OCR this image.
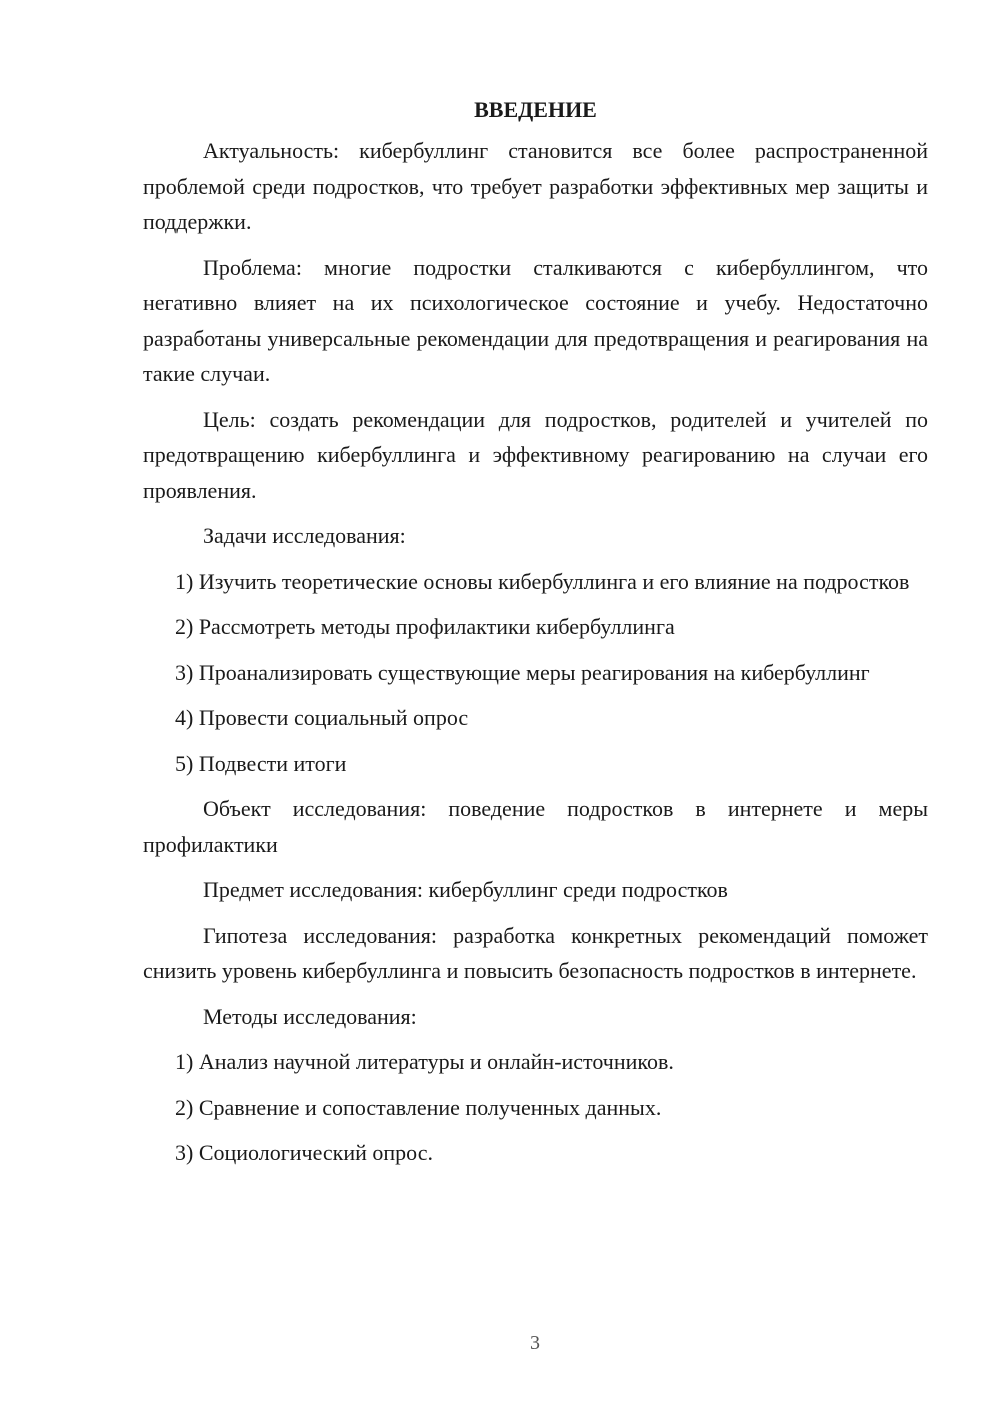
ВВЕДЕНИЕ

Актуальность: кибербуллинг становится все более распространенной проблемой среди подростков, что требует разработки эффективных мер защиты и поддержки.

Проблема: многие подростки сталкиваются с кибербуллингом, что негативно влияет на их психологическое состояние и учебу. Недостаточно разработаны универсальные рекомендации для предотвращения и реагирования на такие случаи.

Цель: создать рекомендации для подростков, родителей и учителей по предотвращению кибербуллинга и эффективному реагированию на случаи его проявления.

Задачи исследования:

1) Изучить теоретические основы кибербуллинга и его влияние на подростков

2) Рассмотреть методы профилактики кибербуллинга

3) Проанализировать существующие меры реагирования на кибербуллинг

4) Провести социальный опрос

5) Подвести итоги

Объект исследования: поведение подростков в интернете и меры профилактики

Предмет исследования: кибербуллинг среди подростков

Гипотеза исследования: разработка конкретных рекомендаций поможет снизить уровень кибербуллинга и повысить безопасность подростков в интернете.

Методы исследования:

1) Анализ научной литературы и онлайн-источников.

2) Сравнение и сопоставление полученных данных.

3) Социологический опрос.

3
